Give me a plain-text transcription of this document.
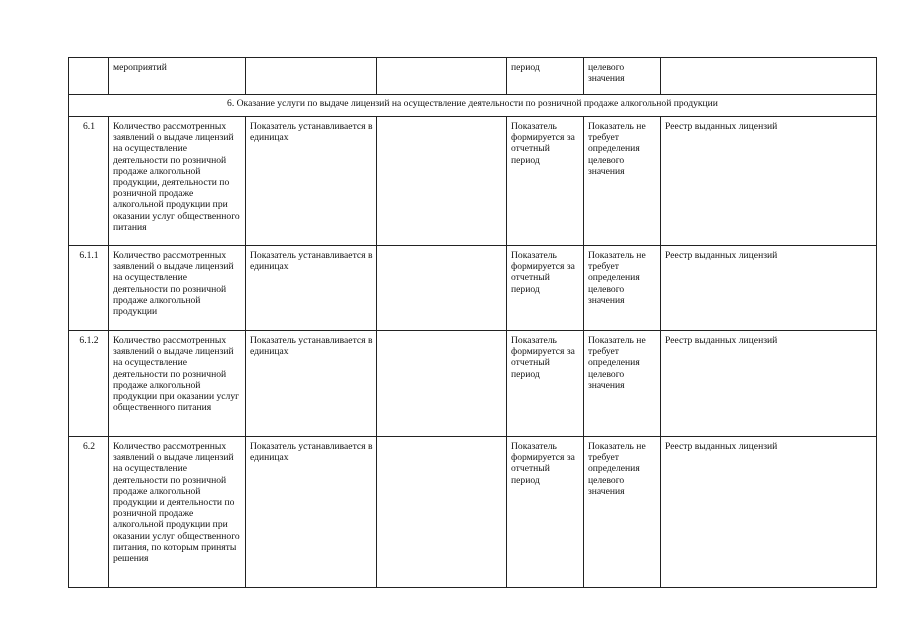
	мероприятий			период	целевого значения	
6. Оказание услуги по выдаче лицензий на осуществление деятельности по розничной продаже алкогольной продукции						
6.1	Количество рассмотренных заявлений о выдаче лицензий на осуществление деятельности по розничной продаже алкогольной продукции, деятельности по розничной продаже алкогольной продукции при оказании услуг общественного питания	Показатель устанавливается в единицах		Показатель формируется за отчетный период	Показатель не требует определения целевого значения	Реестр выданных лицензий
6.1.1	Количество рассмотренных заявлений о выдаче лицензий на осуществление деятельности по розничной продаже алкогольной продукции	Показатель устанавливается в единицах		Показатель формируется за отчетный период	Показатель не требует определения целевого значения	Реестр выданных лицензий
6.1.2	Количество рассмотренных заявлений о выдаче лицензий на осуществление деятельности по розничной продаже алкогольной продукции при оказании услуг общественного питания	Показатель устанавливается в единицах		Показатель формируется за отчетный период	Показатель не требует определения целевого значения	Реестр выданных лицензий
6.2	Количество рассмотренных заявлений о выдаче лицензий на осуществление деятельности по розничной продаже алкогольной продукции и деятельности по розничной продаже алкогольной продукции при оказании услуг общественного питания, по которым приняты решения	Показатель устанавливается в единицах		Показатель формируется за отчетный период	Показатель не требует определения целевого значения	Реестр выданных лицензий
